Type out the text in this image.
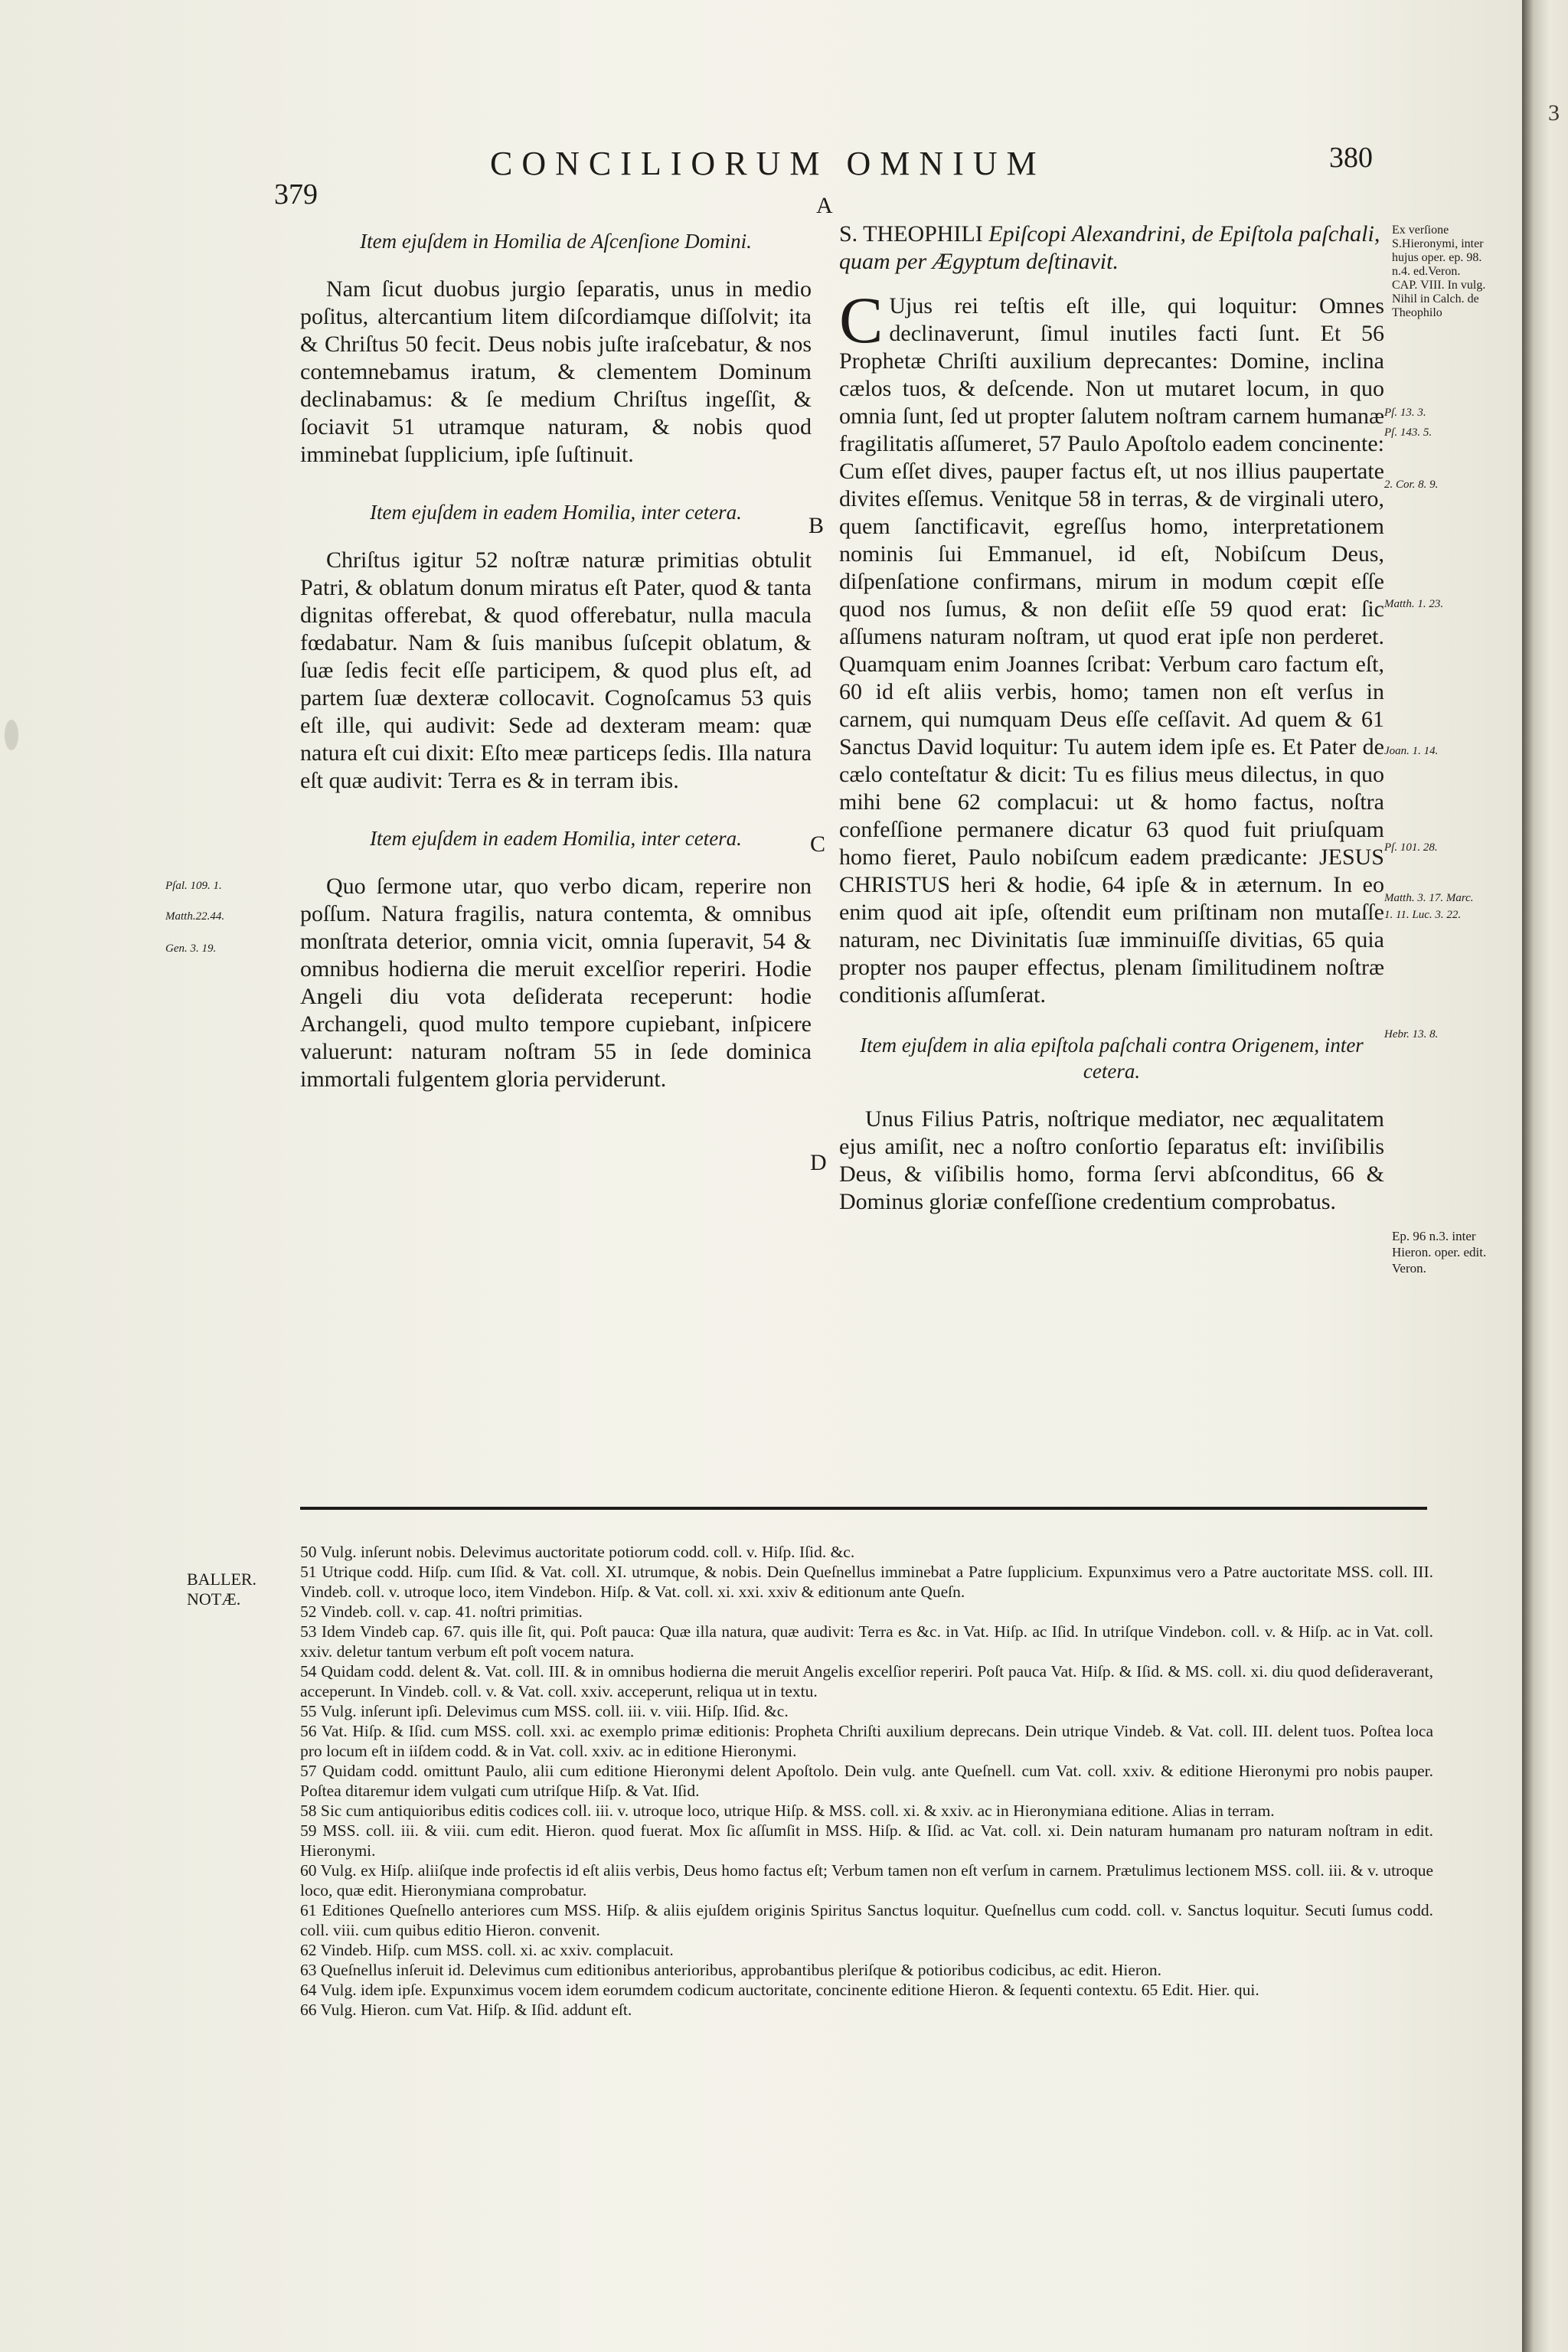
379
CONCILIORUM OMNIUM	380
A
B
C
D
Item ejuſdem in Homilia de Aſcenſione Domini.

Nam ſicut duobus jurgio ſeparatis, unus in medio poſitus, altercantium litem diſcordiamque diſſolvit; ita & Chriſtus 50 fecit. Deus nobis juſte iraſcebatur, & nos contemnebamus iratum, & clementem Dominum declinabamus: & ſe medium Chriſtus ingeſſit, & ſociavit 51 utramque naturam, & nobis quod imminebat ſupplicium, ipſe ſuſtinuit.

Item ejuſdem in eadem Homilia, inter cetera.

Chriſtus igitur 52 noſtræ naturæ primitias obtulit Patri, & oblatum donum miratus eſt Pater, quod & tanta dignitas offerebat, & quod offerebatur, nulla macula fœdabatur. Nam & ſuis manibus ſuſcepit oblatum, & ſuæ ſedis fecit eſſe participem, & quod plus eſt, ad partem ſuæ dexteræ collocavit. Cognoſcamus 53 quis eſt ille, qui audivit: Sede ad dexteram meam: quæ natura eſt cui dixit: Eſto meæ particeps ſedis. Illa natura eſt quæ audivit: Terra es & in terram ibis.

Item ejuſdem in eadem Homilia, inter cetera.

Quo ſermone utar, quo verbo dicam, reperire non poſſum. Natura fragilis, natura contemta, & omnibus monſtrata deterior, omnia vicit, omnia ſuperavit, 54 & omnibus hodierna die meruit excelſior reperiri. Hodie Angeli diu vota deſiderata receperunt: hodie Archangeli, quod multo tempore cupiebant, inſpicere valuerunt: naturam noſtram 55 in ſede dominica immortali fulgentem gloria perviderunt.

Pſal. 109. 1.
Matth.22.44.
Gen. 3. 19.

S. THEOPHILI Epiſcopi Alexandrini, de Epiſtola paſchali, quam per Ægyptum deſtinavit.

C Ujus rei teſtis eſt ille, qui loquitur: Omnes declinaverunt, ſimul inutiles facti ſunt. Et 56 Prophetæ Chriſti auxilium deprecantes: Domine, inclina cælos tuos, & deſcende. Non ut mutaret locum, in quo omnia ſunt, ſed ut propter ſalutem noſtram carnem humanæ fragilitatis aſſumeret, 57 Paulo Apoſtolo eadem concinente: Cum eſſet dives, pauper factus eſt, ut nos illius paupertate divites eſſemus. Venitque 58 in terras, & de virginali utero, quem ſanctificavit, egreſſus homo, interpretationem nominis ſui Emmanuel, id eſt, Nobiſcum Deus, diſpenſatione confirmans, mirum in modum cœpit eſſe quod nos ſumus, & non deſiit eſſe 59 quod erat: ſic aſſumens naturam noſtram, ut quod erat ipſe non perderet. Quamquam enim Joannes ſcribat: Verbum caro factum eſt, 60 id eſt aliis verbis, homo; tamen non eſt verſus in carnem, qui numquam Deus eſſe ceſſavit. Ad quem & 61 Sanctus David loquitur: Tu autem idem ipſe es. Et Pater de cælo conteſtatur & dicit: Tu es filius meus dilectus, in quo mihi bene 62 complacui: ut & homo factus, noſtra confeſſione permanere dicatur 63 quod fuit priuſquam homo fieret, Paulo nobiſcum eadem prædicante: JESUS CHRISTUS heri & hodie, 64 ipſe & in æternum. In eo enim quod ait ipſe, oſtendit eum priſtinam non mutaſſe naturam, nec Divinitatis ſuæ imminuiſſe divitias, 65 quia propter nos pauper effectus, plenam ſimilitudinem noſtræ conditionis aſſumſerat.

Item ejuſdem in alia epiſtola paſchali contra Origenem, inter cetera.

Unus Filius Patris, noſtrique mediator, nec æqualitatem ejus amiſit, nec a noſtro conſortio ſeparatus eſt: inviſibilis Deus, & viſibilis homo, forma ſervi abſconditus, 66 & Dominus gloriæ confeſſione credentium comprobatus.

Ex verſione S.Hieronymi, inter hujus oper. ep. 98. n.4. ed.Veron. CAP. VIII. In vulg. Nihil in Calch. de Theophilo
Pſ. 13. 3.
Pſ. 143. 5.
2. Cor. 8. 9.
Matth. 1. 23.
Joan. 1. 14.
Pſ. 101. 28.
Matth. 3. 17. Marc. 1. 11. Luc. 3. 22.
Hebr. 13. 8.
Ep. 96 n.3. inter Hieron. oper. edit. Veron.
BALLER. NOTÆ.

50 Vulg. inſerunt nobis. Delevimus auctoritate potiorum codd. coll. v. Hiſp. Iſid. &c.

51 Utrique codd. Hiſp. cum Iſid. & Vat. coll. XI. utrumque, & nobis. Dein Queſnellus imminebat a Patre ſupplicium. Expunximus vero a Patre auctoritate MSS. coll. III. Vindeb. coll. v. utroque loco, item Vindebon. Hiſp. & Vat. coll. xi. xxi. xxiv & editionum ante Queſn.

52 Vindeb. coll. v. cap. 41. noſtri primitias.

53 Idem Vindeb cap. 67. quis ille ſit, qui. Poſt pauca: Quæ illa natura, quæ audivit: Terra es &c. in Vat. Hiſp. ac Iſid. In utriſque Vindebon. coll. v. & Hiſp. ac in Vat. coll. xxiv. deletur tantum verbum eſt poſt vocem natura.

54 Quidam codd. delent &. Vat. coll. III. & in omnibus hodierna die meruit Angelis excelſior reperiri. Poſt pauca Vat. Hiſp. & Iſid. & MS. coll. xi. diu quod deſideraverant, acceperunt. In Vindeb. coll. v. & Vat. coll. xxiv. acceperunt, reliqua ut in textu.

55 Vulg. inſerunt ipſi. Delevimus cum MSS. coll. iii. v. viii. Hiſp. Iſid. &c.

56 Vat. Hiſp. & Iſid. cum MSS. coll. xxi. ac exemplo primæ editionis: Propheta Chriſti auxilium deprecans. Dein utrique Vindeb. & Vat. coll. III. delent tuos. Poſtea loca pro locum eſt in iiſdem codd. & in Vat. coll. xxiv. ac in editione Hieronymi.

57 Quidam codd. omittunt Paulo, alii cum editione Hieronymi delent Apoſtolo. Dein vulg. ante Queſnell. cum Vat. coll. xxiv. & editione Hieronymi pro nobis pauper. Poſtea ditaremur idem vulgati cum utriſque Hiſp. & Vat. Iſid.

58 Sic cum antiquioribus editis codices coll. iii. v. utroque loco, utrique Hiſp. & MSS. coll. xi. & xxiv. ac in Hieronymiana editione. Alias in terram.

59 MSS. coll. iii. & viii. cum edit. Hieron. quod fuerat. Mox ſic aſſumſit in MSS. Hiſp. & Iſid. ac Vat. coll. xi. Dein naturam humanam pro naturam noſtram in edit. Hieronymi.

60 Vulg. ex Hiſp. aliiſque inde profectis id eſt aliis verbis, Deus homo factus eſt; Verbum tamen non eſt verſum in carnem. Prætulimus lectionem MSS. coll. iii. & v. utroque loco, quæ edit. Hieronymiana comprobatur.

61 Editiones Queſnello anteriores cum MSS. Hiſp. & aliis ejuſdem originis Spiritus Sanctus loquitur. Queſnellus cum codd. coll. v. Sanctus loquitur. Secuti ſumus codd. coll. viii. cum quibus editio Hieron. convenit.

62 Vindeb. Hiſp. cum MSS. coll. xi. ac xxiv. complacuit.

63 Queſnellus inſeruit id. Delevimus cum editionibus anterioribus, approbantibus pleriſque & potioribus codicibus, ac edit. Hieron.

64 Vulg. idem ipſe. Expunximus vocem idem eorumdem codicum auctoritate, concinente editione Hieron. & ſequenti contextu. 65 Edit. Hier. qui.

66 Vulg. Hieron. cum Vat. Hiſp. & Iſid. addunt eſt.

3
